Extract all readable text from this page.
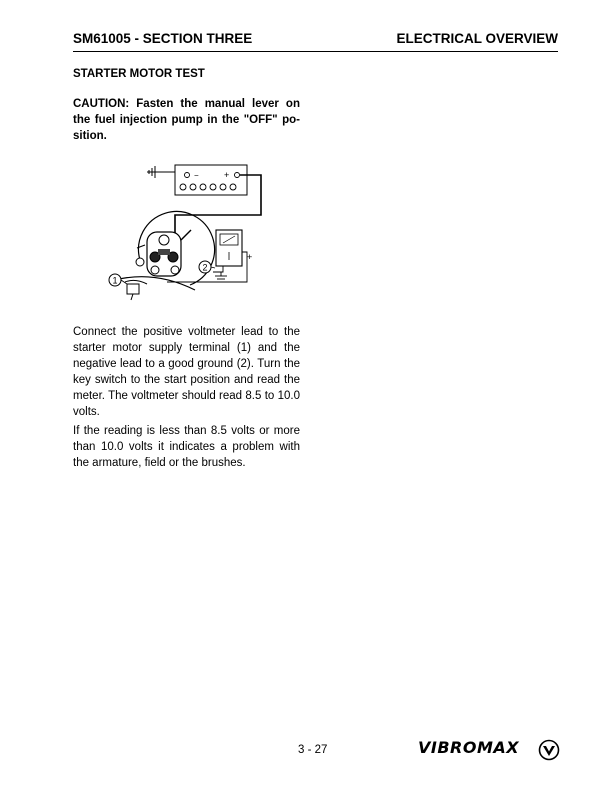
SM61005 - SECTION THREE	ELECTRICAL OVERVIEW
STARTER MOTOR TEST
CAUTION: Fasten the manual lever on the fuel injection pump in the "OFF" po-sition.
−	+
+
2
1
Connect the positive voltmeter lead to the starter motor supply terminal (1) and the negative lead to a good ground (2). Turn the key switch to the start position and read the meter. The voltmeter should read 8.5 to 10.0 volts.
If the reading is less than 8.5 volts or more than 10.0 volts it indicates a problem with the armature, field or the brushes.
3 - 27	VIBROMAX
